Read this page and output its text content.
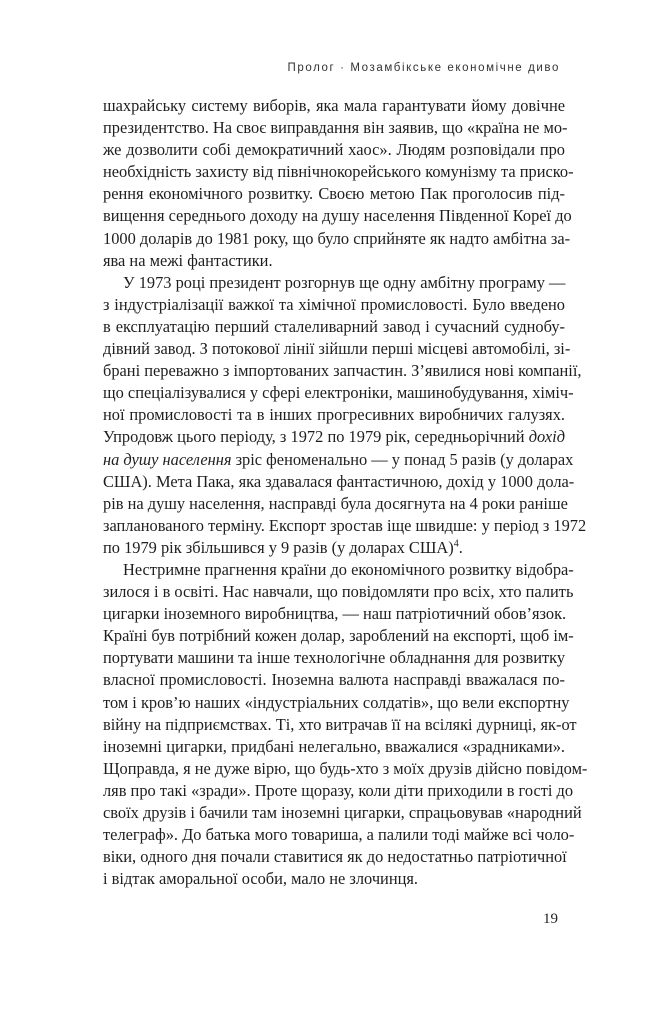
Пролог · Мозамбікське економічне диво

шахрайську систему виборів, яка мала гарантувати йому довічне
президентство. На своє виправдання він заявив, що «країна не мо-
же дозволити собі демократичний хаос». Людям розповідали про
необхідність захисту від північнокорейського комунізму та приско-
рення економічного розвитку. Своєю метою Пак проголосив під-
вищення середнього доходу на душу населення Південної Кореї до
1000 доларів до 1981 року, що було сприйняте як надто амбітна за-
ява на межі фантастики.

У 1973 році президент розгорнув ще одну амбітну програму —
з індустріалізації важкої та хімічної промисловості. Було введено
в експлуатацію перший сталеливарний завод і сучасний суднобу-
дівний завод. З потокової лінії зійшли перші місцеві автомобілі, зі-
брані переважно з імпортованих запчастин. З’явилися нові компанії,
що спеціалізувалися у сфері електроніки, машинобудування, хіміч-
ної промисловості та в інших прогресивних виробничих галузях.
Упродовж цього періоду, з 1972 по 1979 рік, середньорічний дохід
на душу населення зріс феноменально — у понад 5 разів (у доларах
США). Мета Пака, яка здавалася фантастичною, дохід у 1000 дола-
рів на душу населення, насправді була досягнута на 4 роки раніше
запланованого терміну. Експорт зростав іще швидше: у період з 1972
по 1979 рік збільшився у 9 разів (у доларах США)$^4$.

Нестримне прагнення країни до економічного розвитку відобра-
зилося і в освіті. Нас навчали, що повідомляти про всіх, хто палить
цигарки іноземного виробництва, — наш патріотичний обов’язок.
Країні був потрібний кожен долар, зароблений на експорті, щоб ім-
портувати машини та інше технологічне обладнання для розвитку
власної промисловості. Іноземна валюта насправді вважалася по-
том і кров’ю наших «індустріальних солдатів», що вели експортну
війну на підприємствах. Ті, хто витрачав її на всілякі дурниці, як-от
іноземні цигарки, придбані нелегально, вважалися «зрадниками».
Щоправда, я не дуже вірю, що будь-хто з моїх друзів дійсно повідом-
ляв про такі «зради». Проте щоразу, коли діти приходили в гості до
своїх друзів і бачили там іноземні цигарки, спрацьовував «народний
телеграф». До батька мого товариша, а палили тоді майже всі чоло-
віки, одного дня почали ставитися як до недостатньо патріотичної
і відтак аморальної особи, мало не злочинця.

19
